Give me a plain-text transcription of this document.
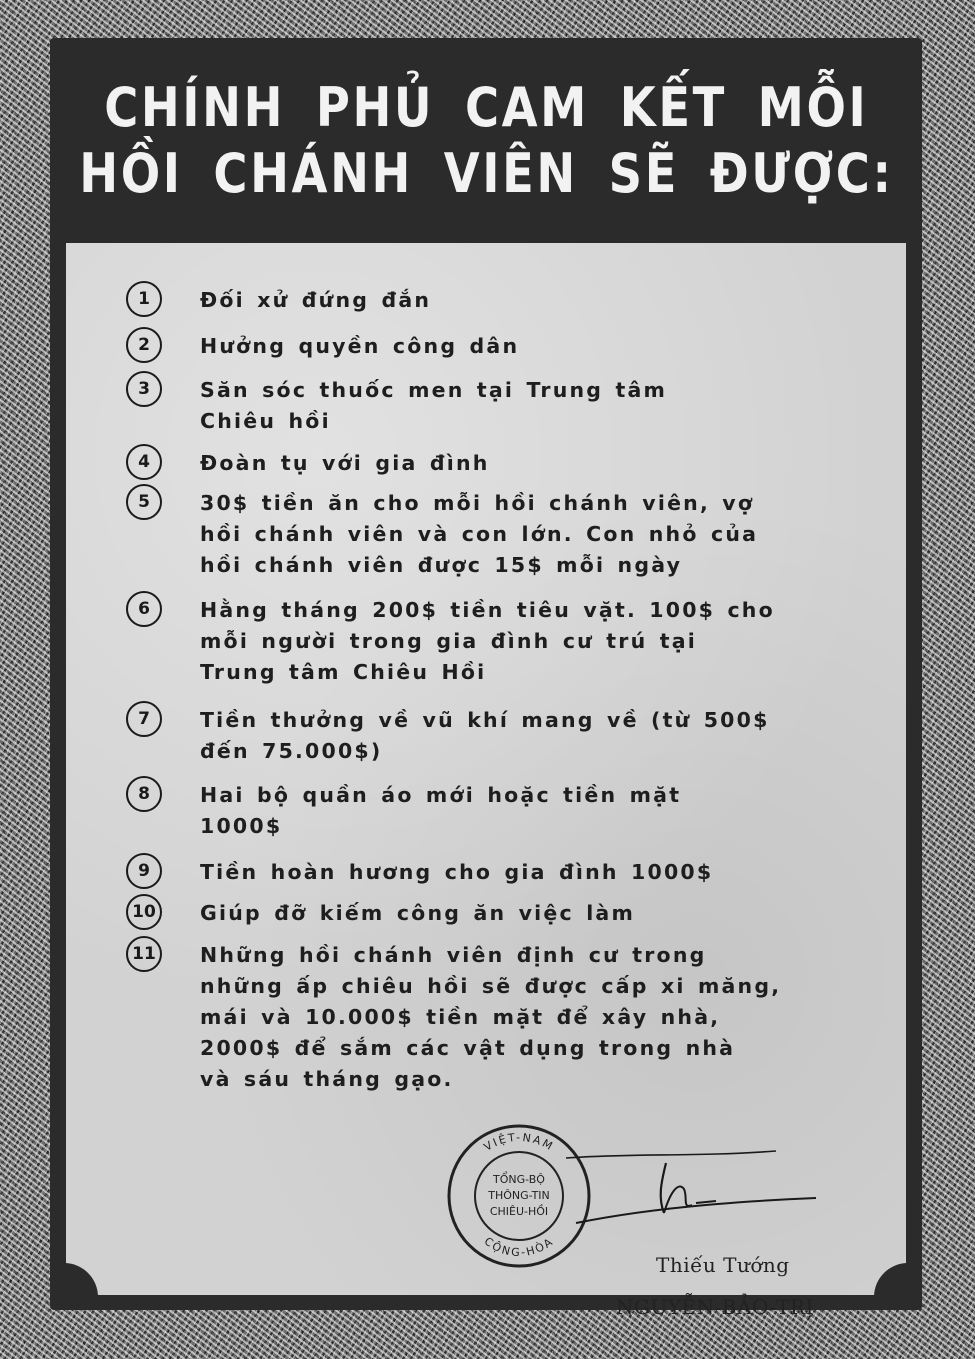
CHÍNH PHỦ CAM KẾT MỖI
HỒI CHÁNH VIÊN SẼ ĐƯỢC:
1	Đối xử đứng đắn
2	Hưởng quyền công dân
3	Săn sóc thuốc men tại Trung tâm
Chiêu hồi
4	Đoàn tụ với gia đình
5	30$ tiền ăn cho mỗi hồi chánh viên, vợ
hồi chánh viên và con lớn. Con nhỏ của
hồi chánh viên được 15$ mỗi ngày
6	Hằng tháng 200$ tiền tiêu vặt. 100$ cho
mỗi người trong gia đình cư trú tại
Trung tâm Chiêu Hồi
7	Tiền thưởng về vũ khí mang về (từ 500$
đến 75.000$)
8	Hai bộ quần áo mới hoặc tiền mặt
1000$
9	Tiền hoàn hương cho gia đình 1000$
10	Giúp đỡ kiếm công ăn việc làm
11	Những hồi chánh viên định cư trong
những ấp chiêu hồi sẽ được cấp xi măng,
mái và 10.000$ tiền mặt để xây nhà,
2000$ để sắm các vật dụng trong nhà
và sáu tháng gạo.
VIỆT-NAM
CỘNG-HÒA
TỔNG-BỘ
THÔNG-TIN
CHIÊU-HỒI
Thiếu Tướng
NGUYỄN-BẢO-TRỊ
